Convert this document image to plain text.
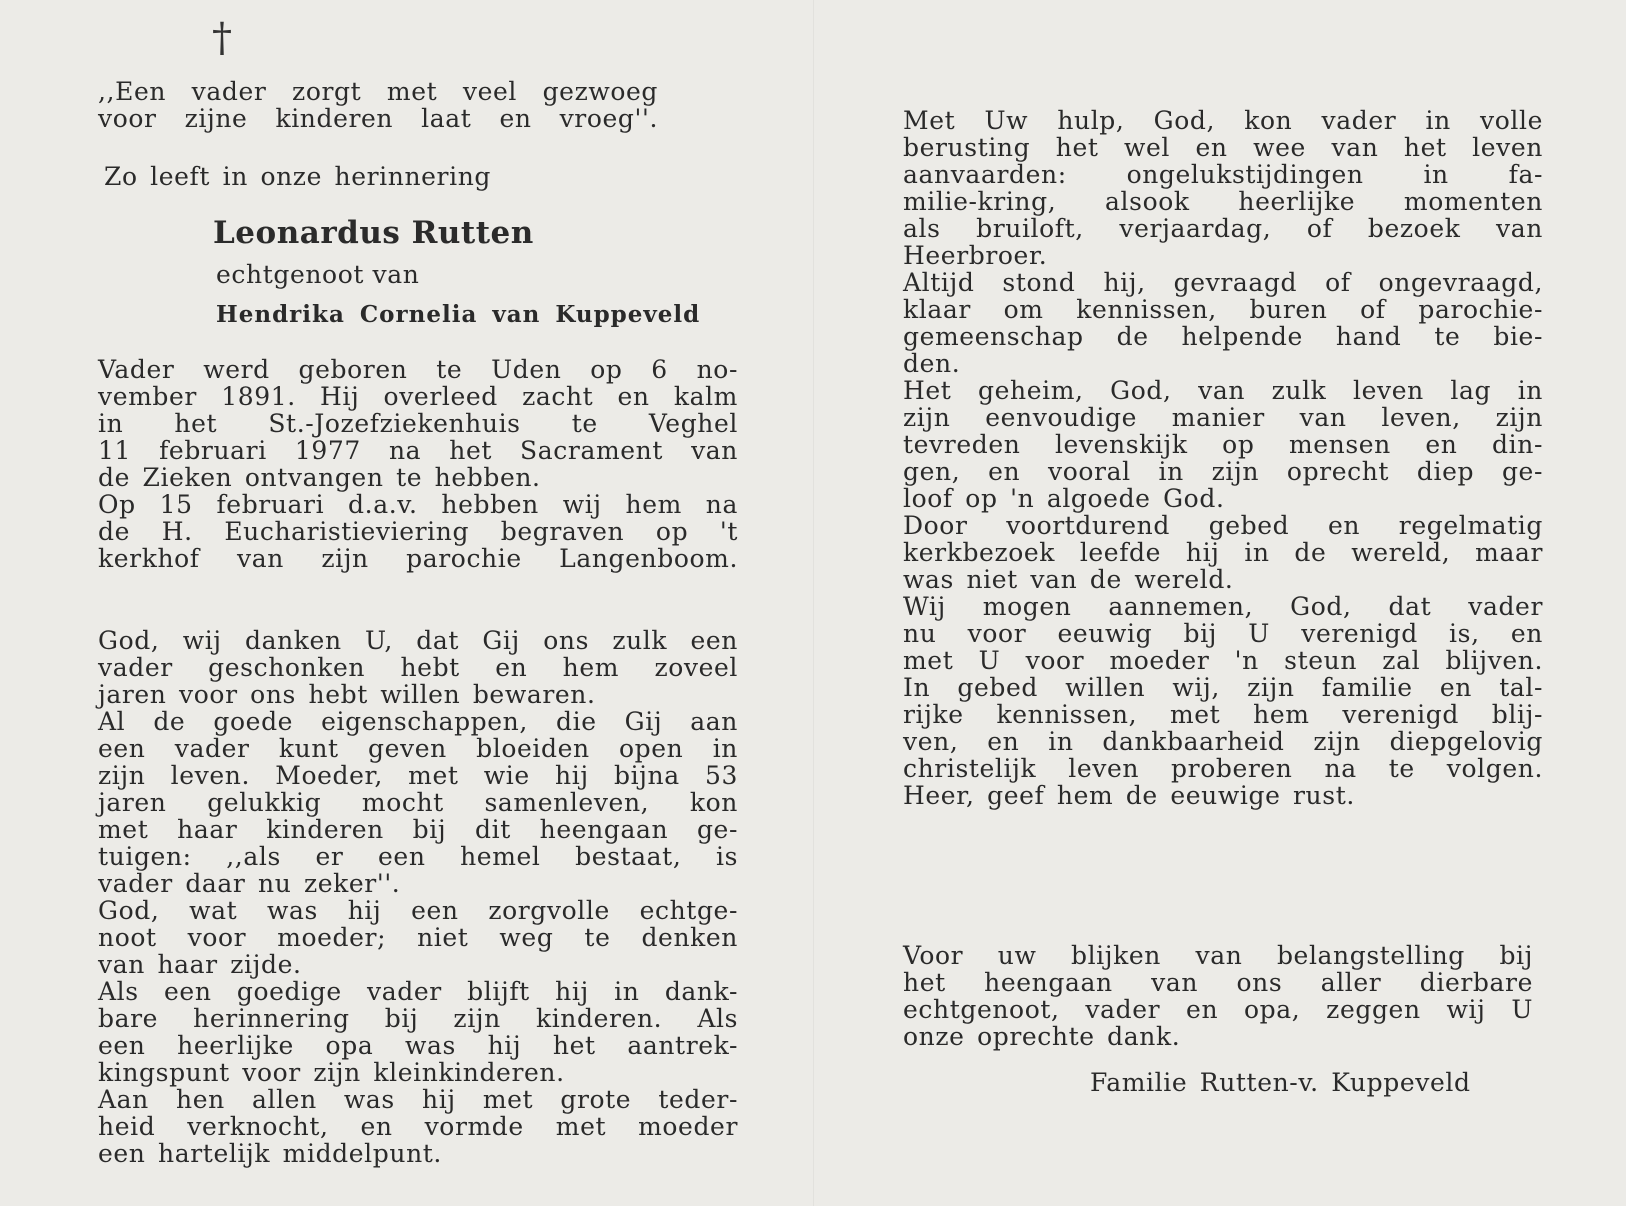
†
,,Een vader zorgt met veel gezwoeg
voor zijne kinderen laat en vroeg''.
Zo leeft in onze herinnering
Leonardus Rutten
echtgenoot van
Hendrika Cornelia van Kuppeveld
Vader werd geboren te Uden op 6 no-
vember 1891. Hij overleed zacht en kalm
in het St.-Jozefziekenhuis te Veghel
11 februari 1977 na het Sacrament van
de Zieken ontvangen te hebben.
Op 15 februari d.a.v. hebben wij hem na
de H. Eucharistieviering begraven op 't
kerkhof van zijn parochie Langenboom.
God, wij danken U, dat Gij ons zulk een
vader geschonken hebt en hem zoveel
jaren voor ons hebt willen bewaren.
Al de goede eigenschappen, die Gij aan
een vader kunt geven bloeiden open in
zijn leven. Moeder, met wie hij bijna 53
jaren gelukkig mocht samenleven, kon
met haar kinderen bij dit heengaan ge-
tuigen: ,,als er een hemel bestaat, is
vader daar nu zeker''.
God, wat was hij een zorgvolle echtge-
noot voor moeder; niet weg te denken
van haar zijde.
Als een goedige vader blijft hij in dank-
bare herinnering bij zijn kinderen. Als
een heerlijke opa was hij het aantrek-
kingspunt voor zijn kleinkinderen.
Aan hen allen was hij met grote teder-
heid verknocht, en vormde met moeder
een hartelijk middelpunt.
Met Uw hulp, God, kon vader in volle
berusting het wel en wee van het leven
aanvaarden: ongelukstijdingen in fa-
milie-kring, alsook heerlijke momenten
als bruiloft, verjaardag, of bezoek van
Heerbroer.
Altijd stond hij, gevraagd of ongevraagd,
klaar om kennissen, buren of parochie-
gemeenschap de helpende hand te bie-
den.
Het geheim, God, van zulk leven lag in
zijn eenvoudige manier van leven, zijn
tevreden levenskijk op mensen en din-
gen, en vooral in zijn oprecht diep ge-
loof op 'n algoede God.
Door voortdurend gebed en regelmatig
kerkbezoek leefde hij in de wereld, maar
was niet van de wereld.
Wij mogen aannemen, God, dat vader
nu voor eeuwig bij U verenigd is, en
met U voor moeder 'n steun zal blijven.
In gebed willen wij, zijn familie en tal-
rijke kennissen, met hem verenigd blij-
ven, en in dankbaarheid zijn diepgelovig
christelijk leven proberen na te volgen.
Heer, geef hem de eeuwige rust.
Voor uw blijken van belangstelling bij
het heengaan van ons aller dierbare
echtgenoot, vader en opa, zeggen wij U
onze oprechte dank.
Familie Rutten-v. Kuppeveld
